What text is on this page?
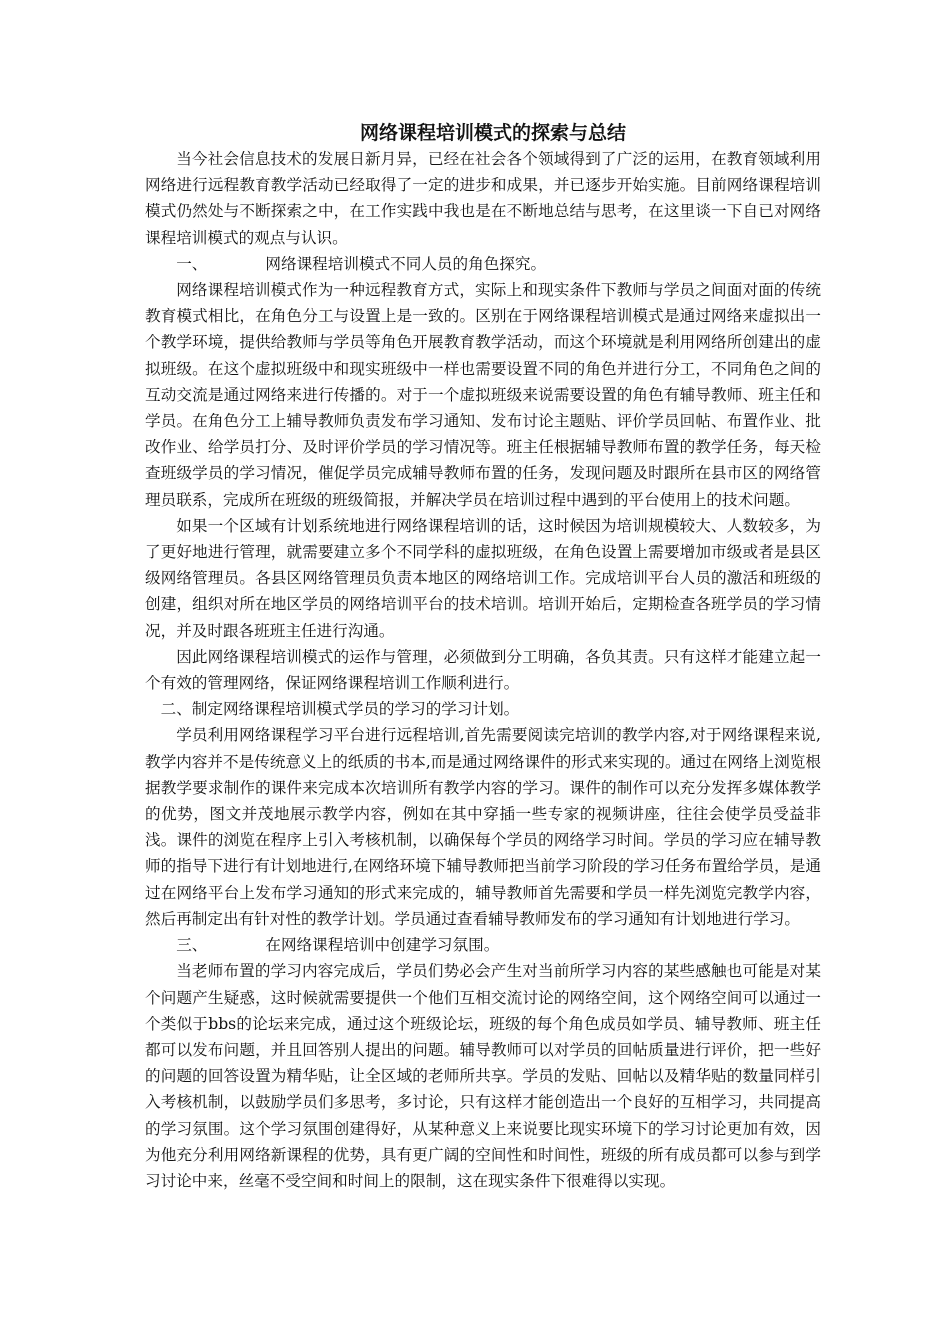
网络课程培训模式的探索与总结

当今社会信息技术的发展日新月异，已经在社会各个领域得到了广泛的运用，在教育领域利用网络进行远程教育教学活动已经取得了一定的进步和成果，并已逐步开始实施。目前网络课程培训模式仍然处与不断探索之中，在工作实践中我也是在不断地总结与思考，在这里谈一下自已对网络课程培训模式的观点与认识。

一、	网络课程培训模式不同人员的角色探究。

网络课程培训模式作为一种远程教育方式，实际上和现实条件下教师与学员之间面对面的传统教育模式相比，在角色分工与设置上是一致的。区别在于网络课程培训模式是通过网络来虚拟出一个教学环境，提供给教师与学员等角色开展教育教学活动，而这个环境就是利用网络所创建出的虚拟班级。在这个虚拟班级中和现实班级中一样也需要设置不同的角色并进行分工，不同角色之间的互动交流是通过网络来进行传播的。对于一个虚拟班级来说需要设置的角色有辅导教师、班主任和学员。在角色分工上辅导教师负责发布学习通知、发布讨论主题贴、评价学员回帖、布置作业、批改作业、给学员打分、及时评价学员的学习情况等。班主任根据辅导教师布置的教学任务，每天检查班级学员的学习情况，催促学员完成辅导教师布置的任务，发现问题及时跟所在县市区的网络管理员联系，完成所在班级的班级简报，并解决学员在培训过程中遇到的平台使用上的技术问题。

如果一个区域有计划系统地进行网络课程培训的话，这时候因为培训规模较大、人数较多，为了更好地进行管理，就需要建立多个不同学科的虚拟班级，在角色设置上需要增加市级或者是县区级网络管理员。各县区网络管理员负责本地区的网络培训工作。完成培训平台人员的激活和班级的创建，组织对所在地区学员的网络培训平台的技术培训。培训开始后，定期检查各班学员的学习情况，并及时跟各班班主任进行沟通。

因此网络课程培训模式的运作与管理，必须做到分工明确，各负其责。只有这样才能建立起一个有效的管理网络，保证网络课程培训工作顺利进行。

二、制定网络课程培训模式学员的学习的学习计划。

学员利用网络课程学习平台进行远程培训,首先需要阅读完培训的教学内容,对于网络课程来说,教学内容并不是传统意义上的纸质的书本,而是通过网络课件的形式来实现的。通过在网络上浏览根据教学要求制作的课件来完成本次培训所有教学内容的学习。课件的制作可以充分发挥多媒体教学的优势，图文并茂地展示教学内容，例如在其中穿插一些专家的视频讲座，往往会使学员受益非浅。课件的浏览在程序上引入考核机制，以确保每个学员的网络学习时间。学员的学习应在辅导教师的指导下进行有计划地进行,在网络环境下辅导教师把当前学习阶段的学习任务布置给学员，是通过在网络平台上发布学习通知的形式来完成的，辅导教师首先需要和学员一样先浏览完教学内容，然后再制定出有针对性的教学计划。学员通过查看辅导教师发布的学习通知有计划地进行学习。

三、	在网络课程培训中创建学习氛围。

当老师布置的学习内容完成后，学员们势必会产生对当前所学习内容的某些感触也可能是对某个问题产生疑惑，这时候就需要提供一个他们互相交流讨论的网络空间，这个网络空间可以通过一个类似于bbs的论坛来完成，通过这个班级论坛，班级的每个角色成员如学员、辅导教师、班主任都可以发布问题，并且回答别人提出的问题。辅导教师可以对学员的回帖质量进行评价，把一些好的问题的回答设置为精华贴，让全区域的老师所共享。学员的发贴、回帖以及精华贴的数量同样引入考核机制，以鼓励学员们多思考，多讨论，只有这样才能创造出一个良好的互相学习，共同提高的学习氛围。这个学习氛围创建得好，从某种意义上来说要比现实环境下的学习讨论更加有效，因为他充分利用网络新课程的优势，具有更广阔的空间性和时间性，班级的所有成员都可以参与到学习讨论中来，丝毫不受空间和时间上的限制，这在现实条件下很难得以实现。
